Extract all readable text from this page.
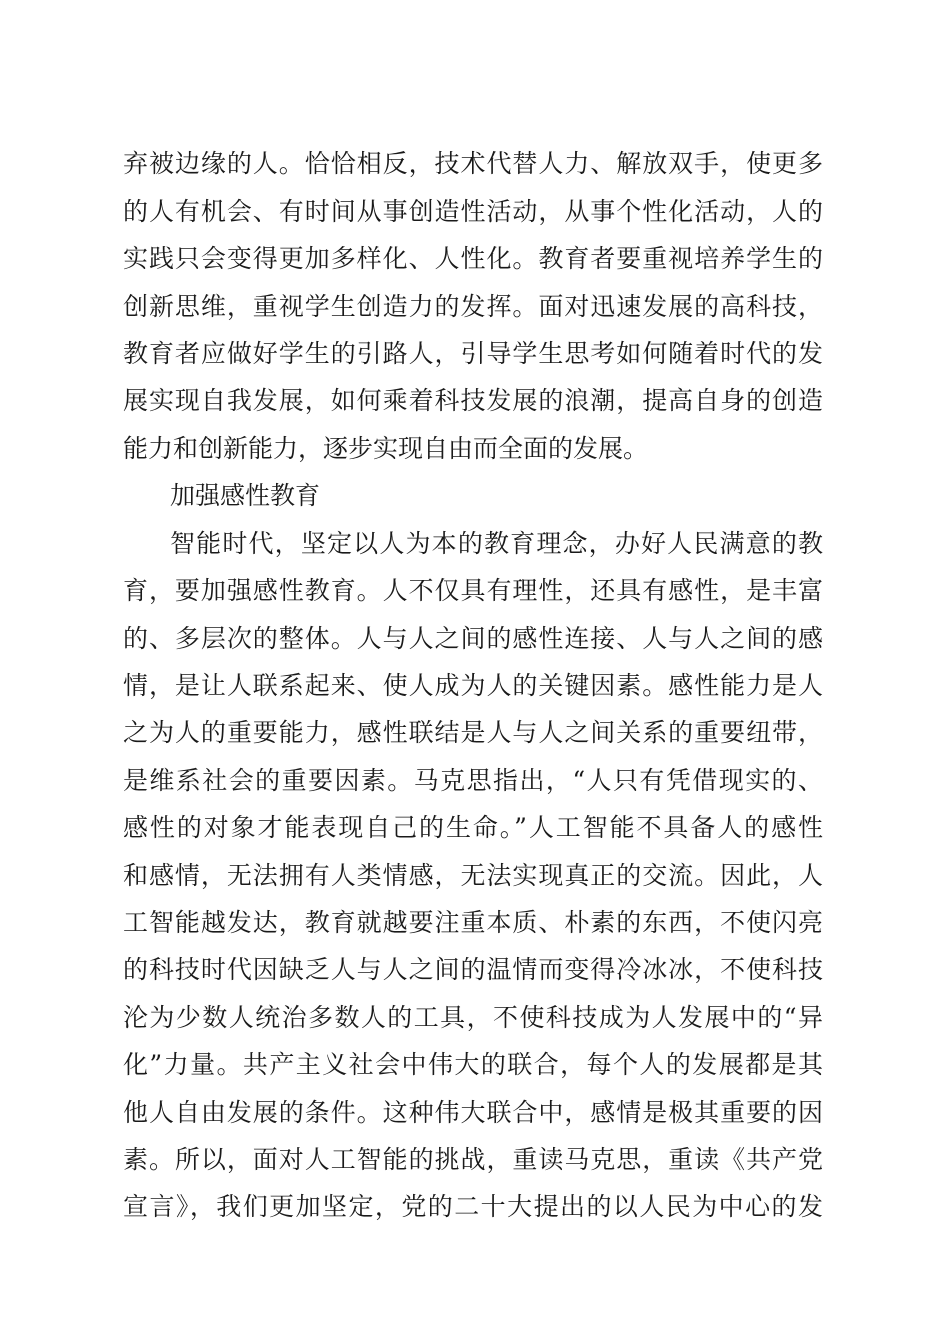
弃被边缘的人。恰恰相反，技术代替人力、解放双手，使更多
的人有机会、有时间从事创造性活动，从事个性化活动，人的
实践只会变得更加多样化、人性化。教育者要重视培养学生的
创新思维，重视学生创造力的发挥。面对迅速发展的高科技，
教育者应做好学生的引路人，引导学生思考如何随着时代的发
展实现自我发展，如何乘着科技发展的浪潮，提高自身的创造
能力和创新能力，逐步实现自由而全面的发展。
加强感性教育
智能时代，坚定以人为本的教育理念，办好人民满意的教
育，要加强感性教育。人不仅具有理性，还具有感性，是丰富
的、多层次的整体。人与人之间的感性连接、人与人之间的感
情，是让人联系起来、使人成为人的关键因素。感性能力是人
之为人的重要能力，感性联结是人与人之间关系的重要纽带，
是维系社会的重要因素。马克思指出，“人只有凭借现实的、
感性的对象才能表现自己的生命。”人工智能不具备人的感性
和感情，无法拥有人类情感，无法实现真正的交流。因此，人
工智能越发达，教育就越要注重本质、朴素的东西，不使闪亮
的科技时代因缺乏人与人之间的温情而变得冷冰冰，不使科技
沦为少数人统治多数人的工具，不使科技成为人发展中的“异
化”力量。共产主义社会中伟大的联合，每个人的发展都是其
他人自由发展的条件。这种伟大联合中，感情是极其重要的因
素。所以，面对人工智能的挑战，重读马克思，重读《共产党
宣言》，我们更加坚定，党的二十大提出的以人民为中心的发
